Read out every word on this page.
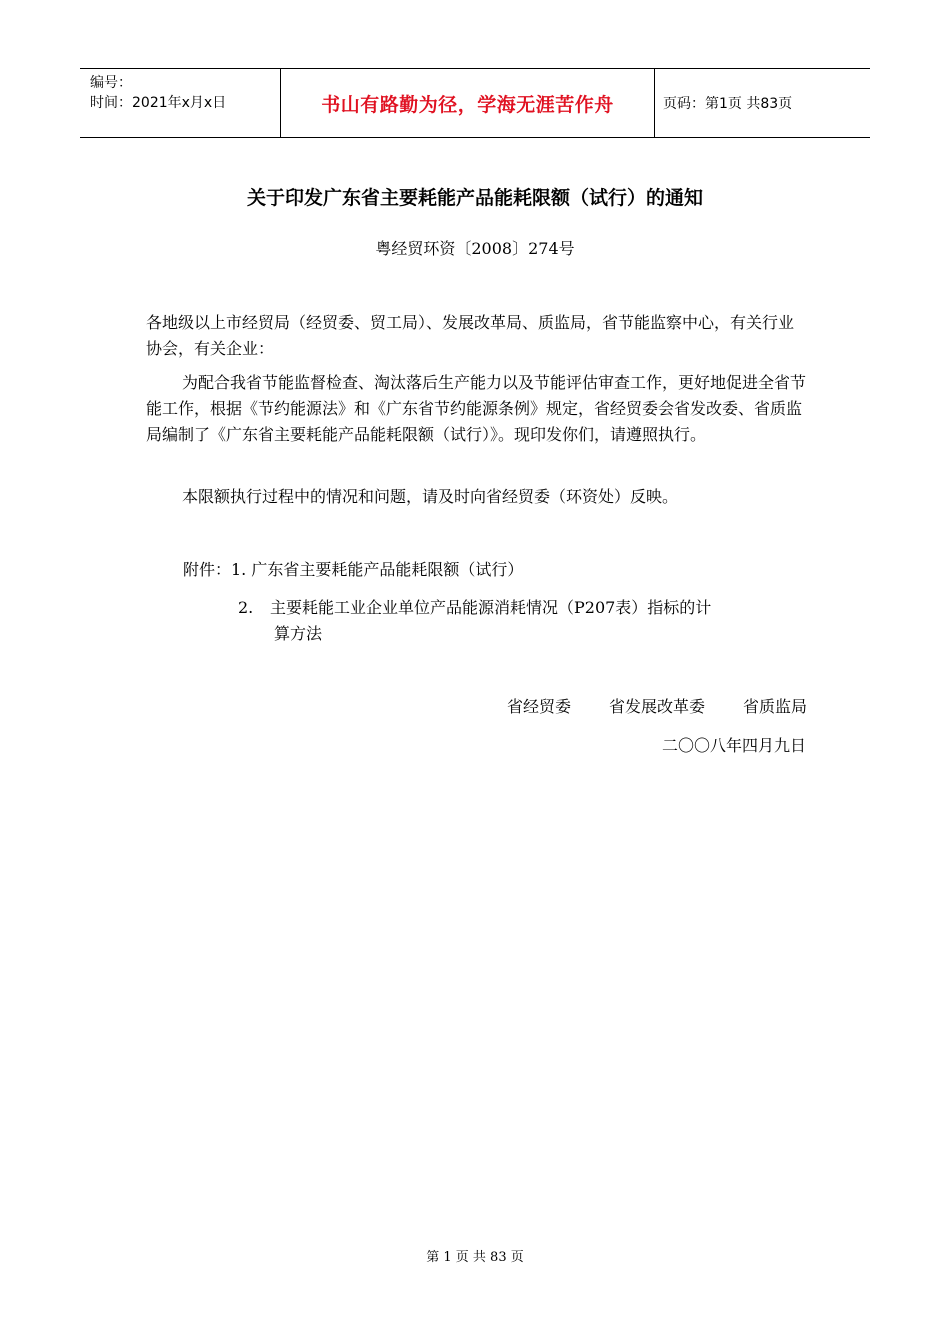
编号：
时间：2021年x月x日	书山有路勤为径，学海无涯苦作舟	页码：第1页 共83页
关于印发广东省主要耗能产品能耗限额（试行）的通知
粤经贸环资〔2008〕274号
各地级以上市经贸局（经贸委、贸工局）、发展改革局、质监局，省节能监察中心，有关行业协会，有关企业：
为配合我省节能监督检查、淘汰落后生产能力以及节能评估审查工作，更好地促进全省节能工作，根据《节约能源法》和《广东省节约能源条例》规定，省经贸委会省发改委、省质监局编制了《广东省主要耗能产品能耗限额（试行）》。现印发你们，请遵照执行。
本限额执行过程中的情况和问题，请及时向省经贸委（环资处）反映。
附件：1. 广东省主要耗能产品能耗限额（试行）
2. 主要耗能工业企业单位产品能源消耗情况（P207表）指标的计
算方法
省经贸委 省发展改革委 省质监局
二〇〇八年四月九日
第 1 页 共 83 页
